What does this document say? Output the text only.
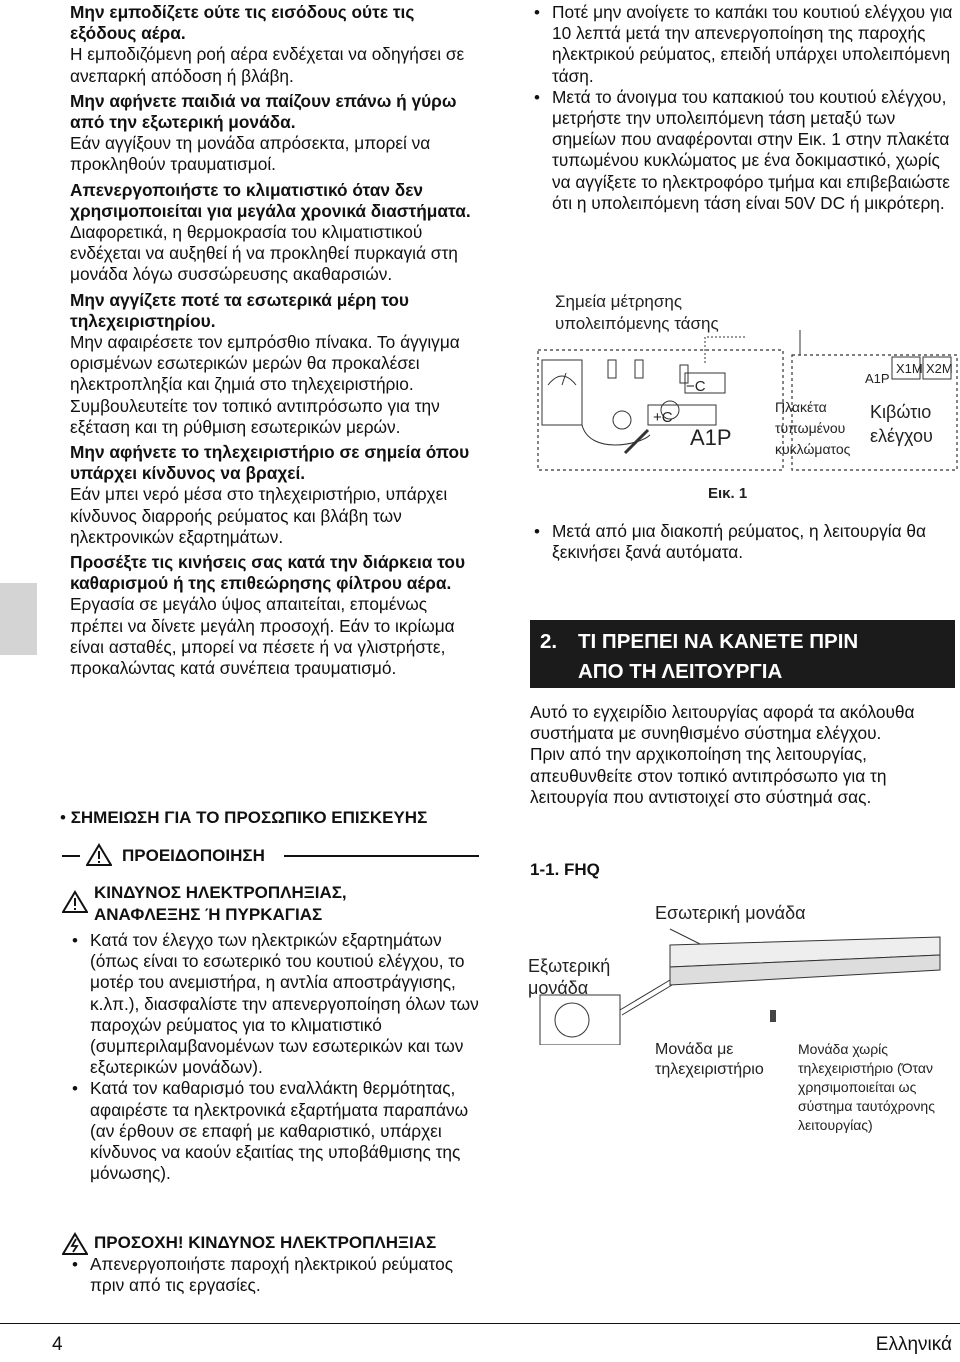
Μην εμποδίζετε ούτε τις εισόδους ούτε τις εξόδους αέρα.

Η εμποδιζόμενη ροή αέρα ενδέχεται να οδηγήσει σε ανεπαρκή απόδοση ή βλάβη.

Μην αφήνετε παιδιά να παίζουν επάνω ή γύρω από την εξωτερική μονάδα.

Εάν αγγίξουν τη μονάδα απρόσεκτα, μπορεί να προκληθούν τραυματισμοί.

Απενεργοποιήστε το κλιματιστικό όταν δεν χρησιμοποιείται για μεγάλα χρονικά διαστήματα.

Διαφορετικά, η θερμοκρασία του κλιματιστικού ενδέχεται να αυξηθεί ή να προκληθεί πυρκαγιά στη μονάδα λόγω συσσώρευσης ακαθαρσιών.

Μην αγγίζετε ποτέ τα εσωτερικά μέρη του τηλεχειριστηρίου.

Μην αφαιρέσετε τον εμπρόσθιο πίνακα. Το άγγιγμα ορισμένων εσωτερικών μερών θα προκαλέσει ηλεκτροπληξία και ζημιά στο τηλεχειριστήριο. Συμβουλευτείτε τον τοπικό αντιπρόσωπο για την εξέταση και τη ρύθμιση εσωτερικών μερών.

Μην αφήνετε το τηλεχειριστήριο σε σημεία όπου υπάρχει κίνδυνος να βραχεί.

Εάν μπει νερό μέσα στο τηλεχειριστήριο, υπάρχει κίνδυνος διαρροής ρεύματος και βλάβη των ηλεκτρονικών εξαρτημάτων.

Προσέξτε τις κινήσεις σας κατά την διάρκεια του καθαρισμού ή της επιθεώρησης φίλτρου αέρα.

Εργασία σε μεγάλο ύψος απαιτείται, επομένως πρέπει να δίνετε μεγάλη προσοχή. Εάν το ικρίωμα είναι ασταθές, μπορεί να πέσετε ή να γλιστρήστε, προκαλώντας κατά συνέπεια τραυματισμό.

• ΣΗΜΕΙΩΣΗ ΓΙΑ ΤΟ ΠΡΟΣΩΠΙΚΟ ΕΠΙΣΚΕΥΗΣ
ΠΡΟΕΙΔΟΠΟΙΗΣΗ
ΚΙΝΔΥΝΟΣ ΗΛΕΚΤΡΟΠΛΗΞΙΑΣ, ΑΝΑΦΛΕΞΗΣ Ή ΠΥΡΚΑΓΙΑΣ
• Κατά τον έλεγχο των ηλεκτρικών εξαρτημάτων (όπως είναι το εσωτερικό του κουτιού ελέγχου, το μοτέρ του ανεμιστήρα, η αντλία αποστράγγισης, κ.λπ.), διασφαλίστε την απενεργοποίηση όλων των παροχών ρεύματος για το κλιματιστικό (συμπεριλαμβανομένων των εσωτερικών και των εξωτερικών μονάδων).
• Κατά τον καθαρισμό του εναλλάκτη θερμότητας, αφαιρέστε τα ηλεκτρονικά εξαρτήματα παραπάνω (αν έρθουν σε επαφή με καθαριστικό, υπάρχει κίνδυνος να καούν εξαιτίας της υποβάθμισης της μόνωσης).
ΠΡΟΣΟΧΗ! ΚΙΝΔΥΝΟΣ ΗΛΕΚΤΡΟΠΛΗΞΙΑΣ
• Απενεργοποιήστε παροχή ηλεκτρικού ρεύματος πριν από τις εργασίες.
• Ποτέ μην ανοίγετε το καπάκι του κουτιού ελέγχου για 10 λεπτά μετά την απενεργοποίηση της παροχής ηλεκτρικού ρεύματος, επειδή υπάρχει υπολειπόμενη τάση.
• Μετά το άνοιγμα του καπακιού του κουτιού ελέγχου, μετρήστε την υπολειπόμενη τάση μεταξύ των σημείων που αναφέρονται στην Εικ. 1 στην πλακέτα τυπωμένου κυκλώματος με ένα δοκιμαστικό, χωρίς να αγγίξετε το ηλεκτροφόρο τμήμα και επιβεβαιώστε ότι η υπολειπόμενη τάση είναι 50V DC ή μικρότερη.
Σημεία μέτρησης υπολειπόμενης τάσης
−C
+C
A1P
A1P
X1M X2M
Πλακέτα τυπωμένου κυκλώματος
Κιβώτιο ελέγχου
Εικ. 1
• Μετά από μια διακοπή ρεύματος, η λειτουργία θα ξεκινήσει ξανά αυτόματα.
2. ΤΙ ΠΡΕΠΕΙ ΝΑ ΚΑΝΕΤΕ ΠΡΙΝ
ΑΠΟ ΤΗ ΛΕΙΤΟΥΡΓΙΑ

Αυτό το εγχειρίδιο λειτουργίας αφορά τα ακόλουθα συστήματα με συνηθισμένο σύστημα ελέγχου.

Πριν από την αρχικοποίηση της λειτουργίας, απευθυνθείτε στον τοπικό αντιπρόσωπο για τη λειτουργία που αντιστοιχεί στο σύστημά σας.

1-1. FHQ
Εσωτερική μονάδα
Εξωτερική μονάδα
Μονάδα με τηλεχειριστήριο
Μονάδα χωρίς τηλεχειριστήριο (Όταν χρησιμοποιείται ως σύστημα ταυτόχρονης λειτουργίας)
4	Ελληνικά
